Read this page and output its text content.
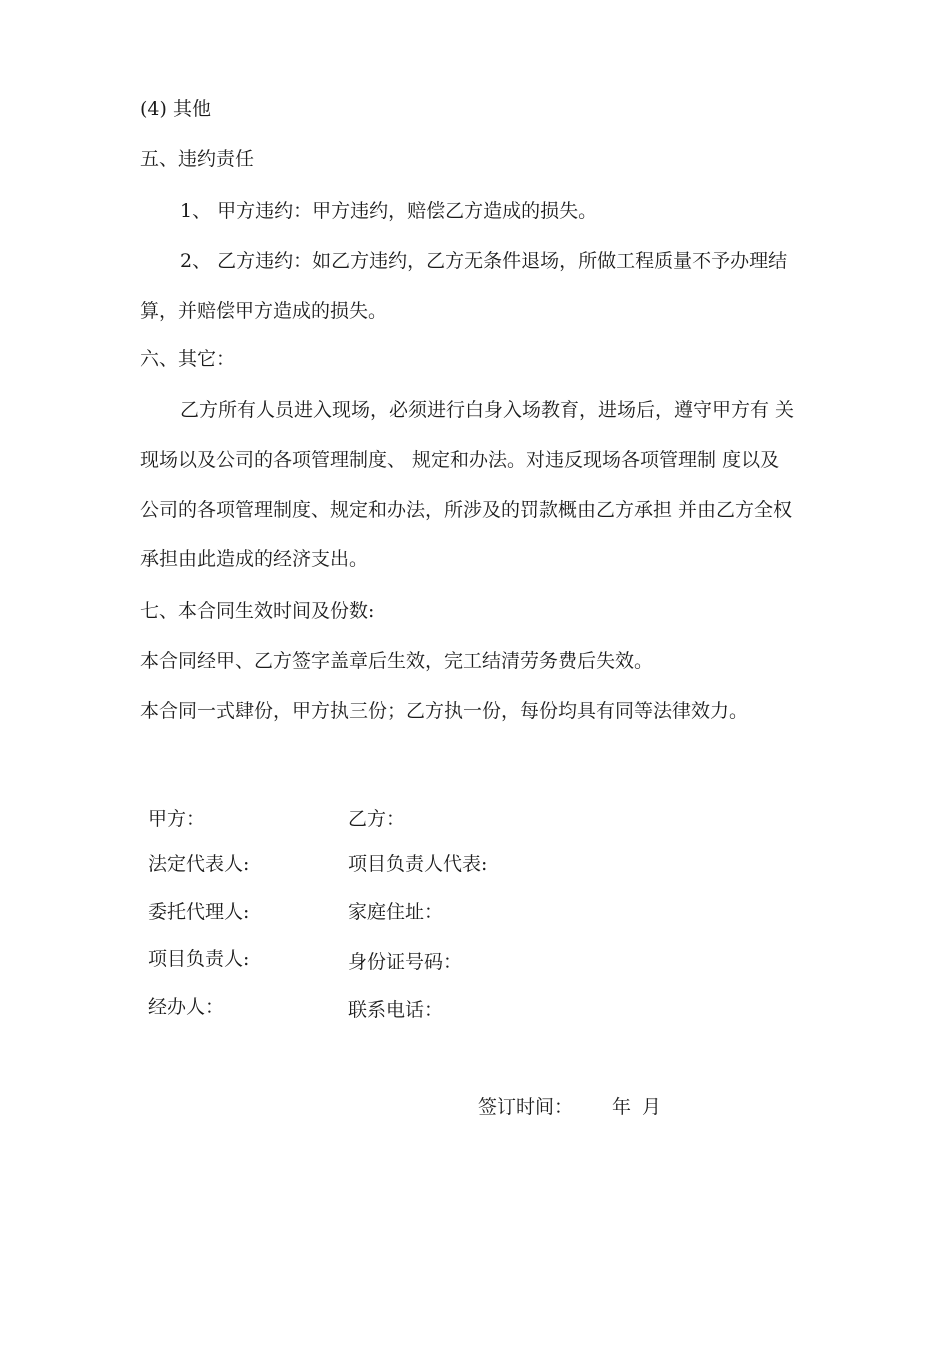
(4) 其他
五、违约责任
1、 甲方违约：甲方违约，赔偿乙方造成的损失。
2、 乙方违约：如乙方违约，乙方无条件退场，所做工程质量不予办理结
算，并赔偿甲方造成的损失。
六、其它：
乙方所有人员进入现场，必须进行白身入场教育，进场后，遵守甲方有 关
现场以及公司的各项管理制度、 规定和办法。对违反现场各项管理制 度以及
公司的各项管理制度、规定和办法，所涉及的罚款概由乙方承担 并由乙方全权
承担由此造成的经济支出。
七、本合同生效时间及份数:
本合同经甲、乙方签字盖章后生效，完工结清劳务费后失效。
本合同一式肆份，甲方执三份；乙方执一份，每份均具有同等法律效力。
甲方：
法定代表人:
委托代理人:
项目负责人:
经办人：
乙方：
项目负责人代表:
家庭住址：
身份证号码：
联系电话：
签订时间： 年 月
